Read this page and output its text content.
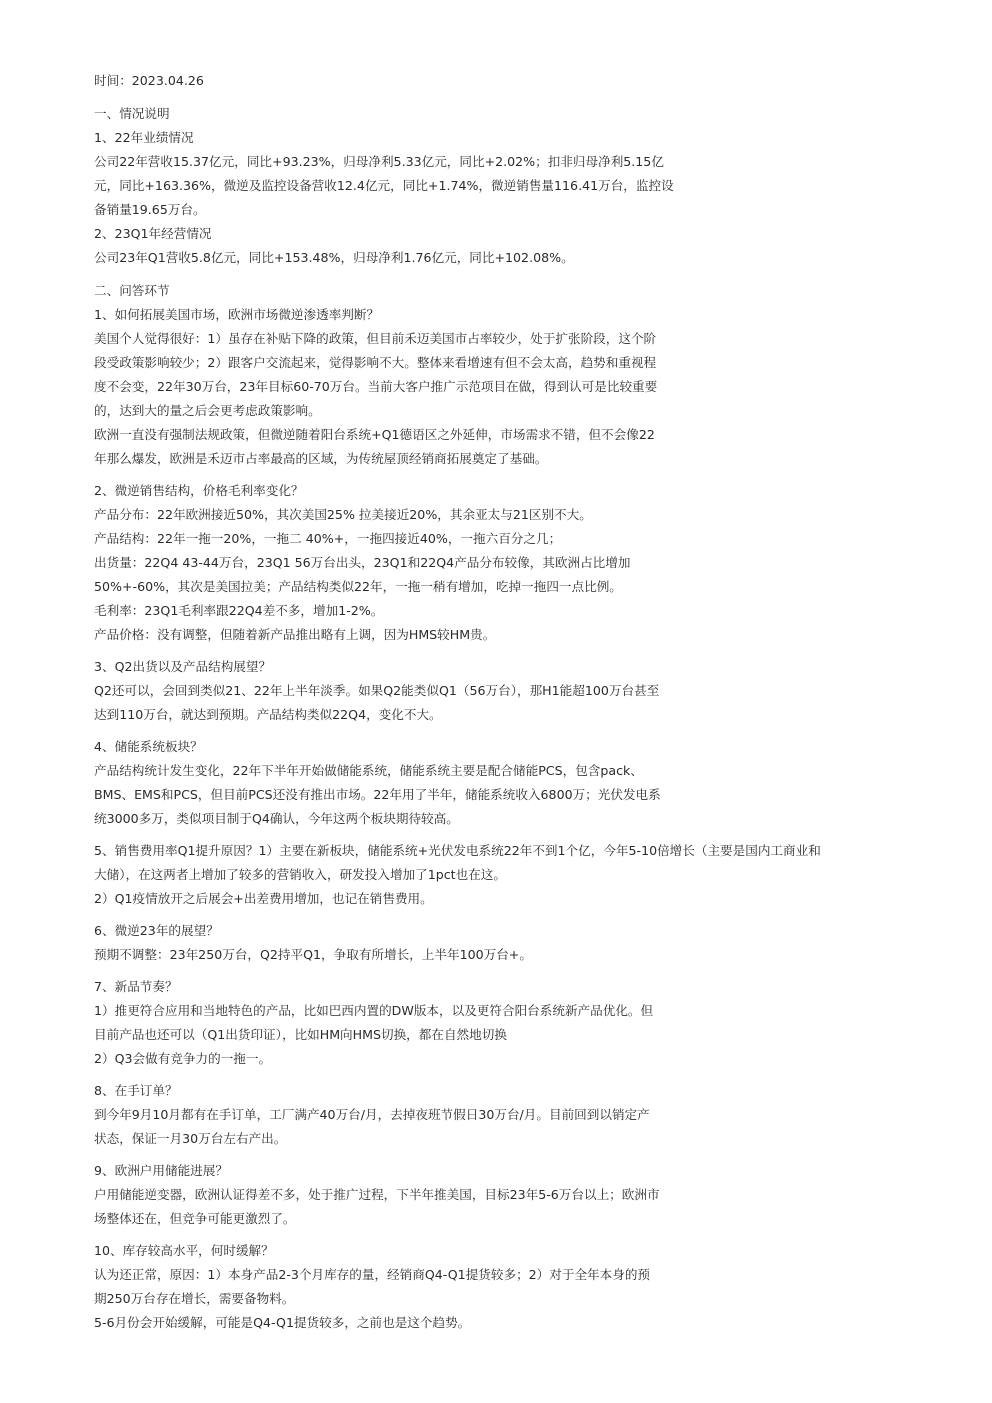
时间：2023.04.26

一、情况说明

1、22年业绩情况

公司22年营收15.37亿元，同比+93.23%，归母净利5.33亿元，同比+2.02%；扣非归母净利5.15亿

元，同比+163.36%，微逆及监控设备营收12.4亿元，同比+1.74%，微逆销售量116.41万台，监控设

备销量19.65万台。

2、23Q1年经营情况

公司23年Q1营收5.8亿元，同比+153.48%，归母净利1.76亿元，同比+102.08%。

二、问答环节

1、如何拓展美国市场，欧洲市场微逆渗透率判断？

美国个人觉得很好：1）虽存在补贴下降的政策，但目前禾迈美国市占率较少，处于扩张阶段，这个阶

段受政策影响较少；2）跟客户交流起来，觉得影响不大。整体来看增速有但不会太高，趋势和重视程

度不会变，22年30万台，23年目标60-70万台。当前大客户推广示范项目在做，得到认可是比较重要

的，达到大的量之后会更考虑政策影响。

欧洲一直没有强制法规政策，但微逆随着阳台系统+Q1德语区之外延伸，市场需求不错，但不会像22

年那么爆发，欧洲是禾迈市占率最高的区域，为传统屋顶经销商拓展奠定了基础。

2、微逆销售结构，价格毛利率变化？

产品分布：22年欧洲接近50%，其次美国25% 拉美接近20%，其余亚太与21区别不大。

产品结构：22年一拖一20%，一拖二 40%+，一拖四接近40%，一拖六百分之几；

出货量：22Q4 43-44万台，23Q1 56万台出头，23Q1和22Q4产品分布较像，其欧洲占比增加

50%+-60%，其次是美国拉美；产品结构类似22年，一拖一稍有增加，吃掉一拖四一点比例。

毛利率：23Q1毛利率跟22Q4差不多，增加1-2%。

产品价格：没有调整，但随着新产品推出略有上调，因为HMS较HM贵。

3、Q2出货以及产品结构展望？

Q2还可以，会回到类似21、22年上半年淡季。如果Q2能类似Q1（56万台），那H1能超100万台甚至

达到110万台，就达到预期。产品结构类似22Q4，变化不大。

4、储能系统板块？

产品结构统计发生变化，22年下半年开始做储能系统，储能系统主要是配合储能PCS，包含pack、

BMS、EMS和PCS，但目前PCS还没有推出市场。22年用了半年，储能系统收入6800万；光伏发电系

统3000多万，类似项目制于Q4确认，今年这两个板块期待较高。

5、销售费用率Q1提升原因？1）主要在新板块，储能系统+光伏发电系统22年不到1个亿，今年5-10倍增长（主要是国内工商业和

大储），在这两者上增加了较多的营销收入，研发投入增加了1pct也在这。

2）Q1疫情放开之后展会+出差费用增加，也记在销售费用。

6、微逆23年的展望？

预期不调整：23年250万台，Q2持平Q1，争取有所增长，上半年100万台+。

7、新品节奏？

1）推更符合应用和当地特色的产品，比如巴西内置的DW版本，以及更符合阳台系统新产品优化。但

目前产品也还可以（Q1出货印证），比如HM向HMS切换，都在自然地切换

2）Q3会做有竞争力的一拖一。

8、在手订单？

到今年9月10月都有在手订单，工厂满产40万台/月，去掉夜班节假日30万台/月。目前回到以销定产

状态，保证一月30万台左右产出。

9、欧洲户用储能进展？

户用储能逆变器，欧洲认证得差不多，处于推广过程，下半年推美国，目标23年5-6万台以上；欧洲市

场整体还在，但竞争可能更激烈了。

10、库存较高水平，何时缓解？

认为还正常，原因：1）本身产品2-3个月库存的量，经销商Q4-Q1提货较多；2）对于全年本身的预

期250万台存在增长，需要备物料。

5-6月份会开始缓解，可能是Q4-Q1提货较多，之前也是这个趋势。
